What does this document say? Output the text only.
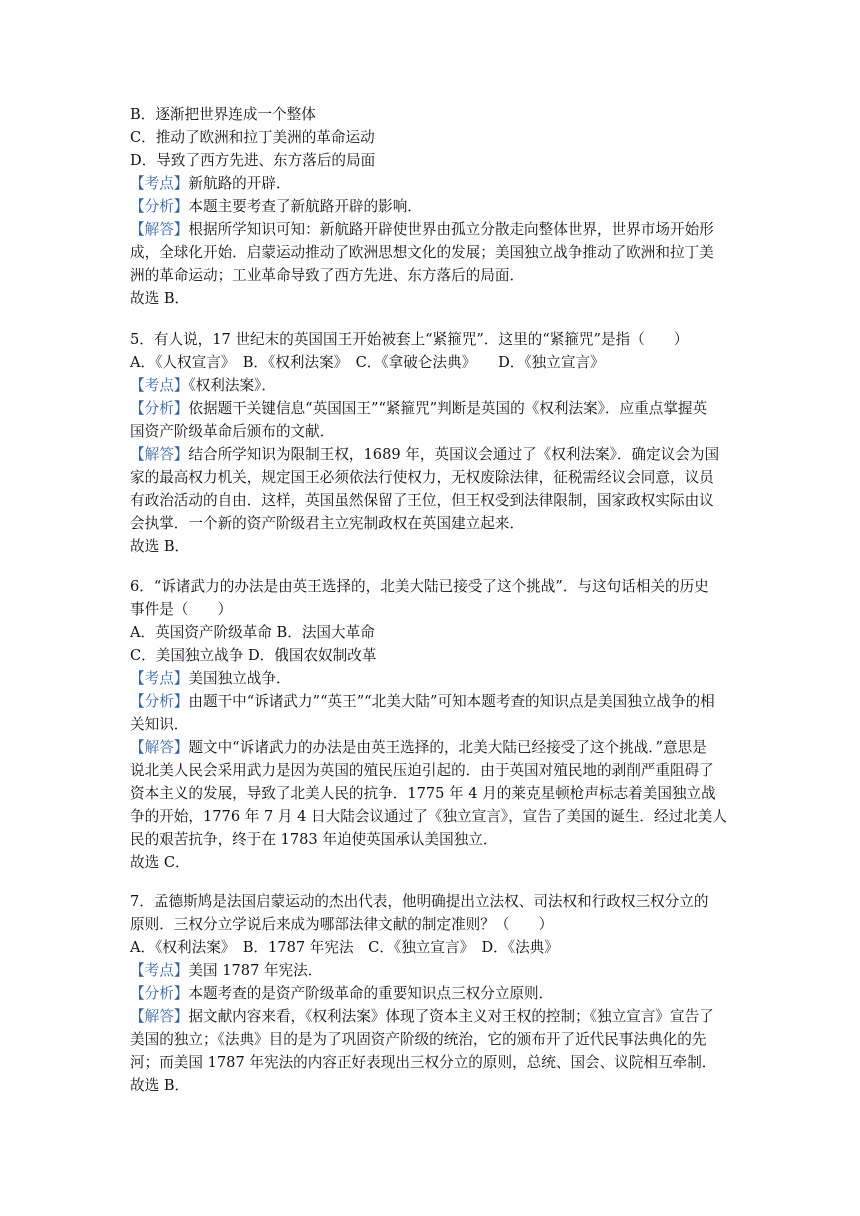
B．逐渐把世界连成一个整体
C．推动了欧洲和拉丁美洲的革命运动
D．导致了西方先进、东方落后的局面
【考点】新航路的开辟．
【分析】本题主要考查了新航路开辟的影响．
【解答】根据所学知识可知：新航路开辟使世界由孤立分散走向整体世界，世界市场开始形
成，全球化开始．启蒙运动推动了欧洲思想文化的发展；美国独立战争推动了欧洲和拉丁美
洲的革命运动；工业革命导致了西方先进、东方落后的局面．
故选 B．
5．有人说，17 世纪末的英国国王开始被套上“紧箍咒”．这里的“紧箍咒”是指（　　）
A．《人权宣言》　B．《权利法案》　C．《拿破仑法典》　　D．《独立宣言》
【考点】《权利法案》．
【分析】依据题干关键信息“英国国王”“紧箍咒”判断是英国的《权利法案》．应重点掌握英
国资产阶级革命后颁布的文献．
【解答】结合所学知识为限制王权，1689 年，英国议会通过了《权利法案》．确定议会为国
家的最高权力机关，规定国王必须依法行使权力，无权废除法律，征税需经议会同意，议员
有政治活动的自由．这样，英国虽然保留了王位，但王权受到法律限制，国家政权实际由议
会执掌．一个新的资产阶级君主立宪制政权在英国建立起来．
故选 B．
6．“诉诸武力的办法是由英王选择的，北美大陆已接受了这个挑战”．与这句话相关的历史
事件是（　　）
A．英国资产阶级革命 B．法国大革命
C．美国独立战争 D．俄国农奴制改革
【考点】美国独立战争．
【分析】由题干中“诉诸武力”“英王”“北美大陆”可知本题考查的知识点是美国独立战争的相
关知识．
【解答】题文中“诉诸武力的办法是由英王选择的，北美大陆已经接受了这个挑战．”意思是
说北美人民会采用武力是因为英国的殖民压迫引起的．由于英国对殖民地的剥削严重阻碍了
资本主义的发展，导致了北美人民的抗争．1775 年 4 月的莱克星顿枪声标志着美国独立战
争的开始，1776 年 7 月 4 日大陆会议通过了《独立宣言》，宣告了美国的诞生．经过北美人
民的艰苦抗争，终于在 1783 年迫使英国承认美国独立．
故选 C．
7．孟德斯鸠是法国启蒙运动的杰出代表，他明确提出立法权、司法权和行政权三权分立的
原则．三权分立学说后来成为哪部法律文献的制定准则？（　　）
A．《权利法案》　B．1787 年宪法　C．《独立宣言》　D．《法典》
【考点】美国 1787 年宪法．
【分析】本题考查的是资产阶级革命的重要知识点三权分立原则．
【解答】据文献内容来看，《权利法案》体现了资本主义对王权的控制；《独立宣言》宣告了
美国的独立；《法典》目的是为了巩固资产阶级的统治，它的颁布开了近代民事法典化的先
河；而美国 1787 年宪法的内容正好表现出三权分立的原则，总统、国会、议院相互牵制．
故选 B．
